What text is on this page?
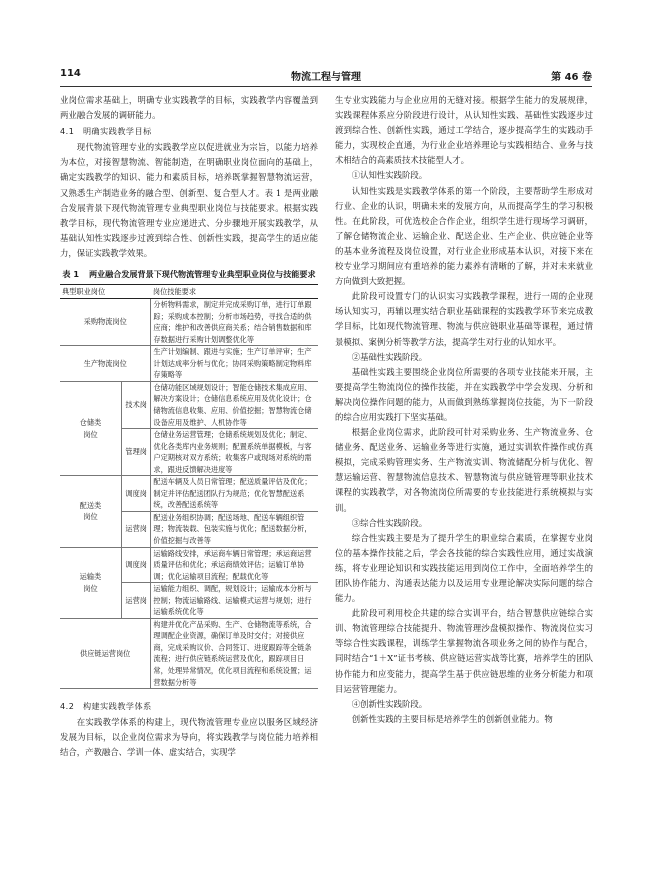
114	物流工程与管理	第 46 卷

业岗位需求基础上，明确专业实践教学的目标，实践教学内容覆盖到两业融合发展的调研能力。

4.1　明确实践教学目标

现代物流管理专业的实践教学应以促进就业为宗旨，以能力培养为本位，对接智慧物流、智能制造，在明确职业岗位面向的基础上，确定实践教学的知识、能力和素质目标，培养既掌握智慧物流运营，又熟悉生产制造业务的融合型、创新型、复合型人才。表 1 是两业融合发展背景下现代物流管理专业典型职业岗位与技能要求。根据实践教学目标，现代物流管理专业应递进式、分步骤地开展实践教学，从基础认知性实践逐步过渡到综合性、创新性实践，提高学生的适应能力，保证实践教学效果。

表 1 两业融合发展背景下现代物流管理专业典型职业岗位与技能要求
典型职业岗位		岗位技能要求
采购物流岗位		分析物料需求，制定并完成采购订单，进行订单跟踪；采购成本控制；分析市场趋势，寻找合适的供应商；维护和改善供应商关系；结合销售数据和库存数据进行采购计划调整优化等
生产物流岗位		生产计划编制、跟进与实施；生产订单评审；生产计划达成率分析与优化；协同采购策略制定物料库存策略等
仓储类
岗位	技术岗	仓储功能区域规划设计；智能仓储技术集成应用、解决方案设计；仓储信息系统应用及优化设计；仓储物流信息收集、应用、价值挖掘；智慧物流仓储设备应用及维护、人机协作等
	管理岗	仓储业务运营管理；仓储系统规划及优化；制定、优化各类库内业务规则；配置系统单据模板，与客户定期核对双方系统；收集客户或现场对系统的需求，跟进反馈解决进度等
配送类
岗位	调度岗	配送车辆及人员日常管理；配送质量评估及优化；制定并评估配送团队行为规范；优化智慧配送系统，改善配送系统等
	运营岗	配送业务组织协调；配送场地、配送车辆组织管理；物流装载、包装实施与优化；配送数据分析，价值挖掘与改善等
运输类
岗位	调度岗	运输路线安排，承运商车辆日常管理；承运商运营质量评估和优化；承运商绩效评估；运输订单协调；优化运输项目流程；配载优化等
	运营岗	运输能力组织、调配，规划设计；运输成本分析与控制；物流运输路线、运输模式运营与规划；进行运输系统优化等
供应链运营岗位		构建并优化产品采购、生产、仓储物流等系统，合理调配企业资源，确保订单及时交付；对接供应商，完成采购议价、合同签订、进度跟踪等全链条流程；进行供应链系统运营及优化，跟踪项目日常，处理异常情况，优化项目流程和系统设置；运营数据分析等
4.2　构建实践教学体系

在实践教学体系的构建上，现代物流管理专业应以服务区域经济发展为目标，以企业岗位需求为导向，将实践教学与岗位能力培养相结合，产教融合、学训一体、虚实结合，实现学

生专业实践能力与企业应用的无缝对接。根据学生能力的发展规律，实践课程体系应分阶段进行设计，从认知性实践、基础性实践逐步过渡到综合性、创新性实践，通过工学结合，逐步提高学生的实践动手能力，实现校企直通，为行业企业培养理论与实践相结合、业务与技术相结合的高素质技术技能型人才。

①认知性实践阶段。

认知性实践是实践教学体系的第一个阶段，主要帮助学生形成对行业、企业的认识，明确未来的发展方向，从而提高学生的学习积极性。在此阶段，可优选校企合作企业，组织学生进行现场学习调研，了解仓储物流企业、运输企业、配送企业、生产企业、供应链企业等的基本业务流程及岗位设置，对行业企业形成基本认识，对接下来在校专业学习期间应有重培养的能力素养有清晰的了解，并对未来就业方向做到大致把握。

此阶段可设置专门的认识实习实践教学课程，进行一周的企业现场认知实习，再辅以理实结合职业基础课程的实践教学环节来完成教学目标，比如现代物流管理、物流与供应链职业基础等课程，通过情景模拟、案例分析等教学方法，提高学生对行业的认知水平。

②基础性实践阶段。

基础性实践主要围绕企业岗位所需要的各项专业技能来开展，主要提高学生物流岗位的操作技能，并在实践教学中学会发现、分析和解决岗位操作问题的能力，从而做到熟练掌握岗位技能，为下一阶段的综合应用实践打下坚实基础。

根据企业岗位需求，此阶段可针对采购业务、生产物流业务、仓储业务、配送业务、运输业务等进行实施，通过实训软件操作或仿真模拟，完成采购管理实务、生产物流实训、物流储配分析与优化、智慧运输运营、智慧物流信息技术、智慧物流与供应链管理等职业技术课程的实践教学，对各物流岗位所需要的专业技能进行系统模拟与实训。

③综合性实践阶段。

综合性实践主要是为了提升学生的职业综合素质，在掌握专业岗位的基本操作技能之后，学会各技能的综合实践性应用，通过实战演练，将专业理论知识和实践技能运用到岗位工作中，全面培养学生的团队协作能力、沟通表达能力以及运用专业理论解决实际问题的综合能力。

此阶段可利用校企共建的综合实训平台，结合智慧供应链综合实训、物流管理综合技能提升、物流管理沙盘模拟操作、物流岗位实习等综合性实践课程，训练学生掌握物流各项业务之间的协作与配合，同时结合“1＋X”证书考核、供应链运营实战等比赛，培养学生的团队协作能力和应变能力，提高学生基于供应链思维的业务分析能力和项目运营管理能力。

④创新性实践阶段。

创新性实践的主要目标是培养学生的创新创业能力。物
